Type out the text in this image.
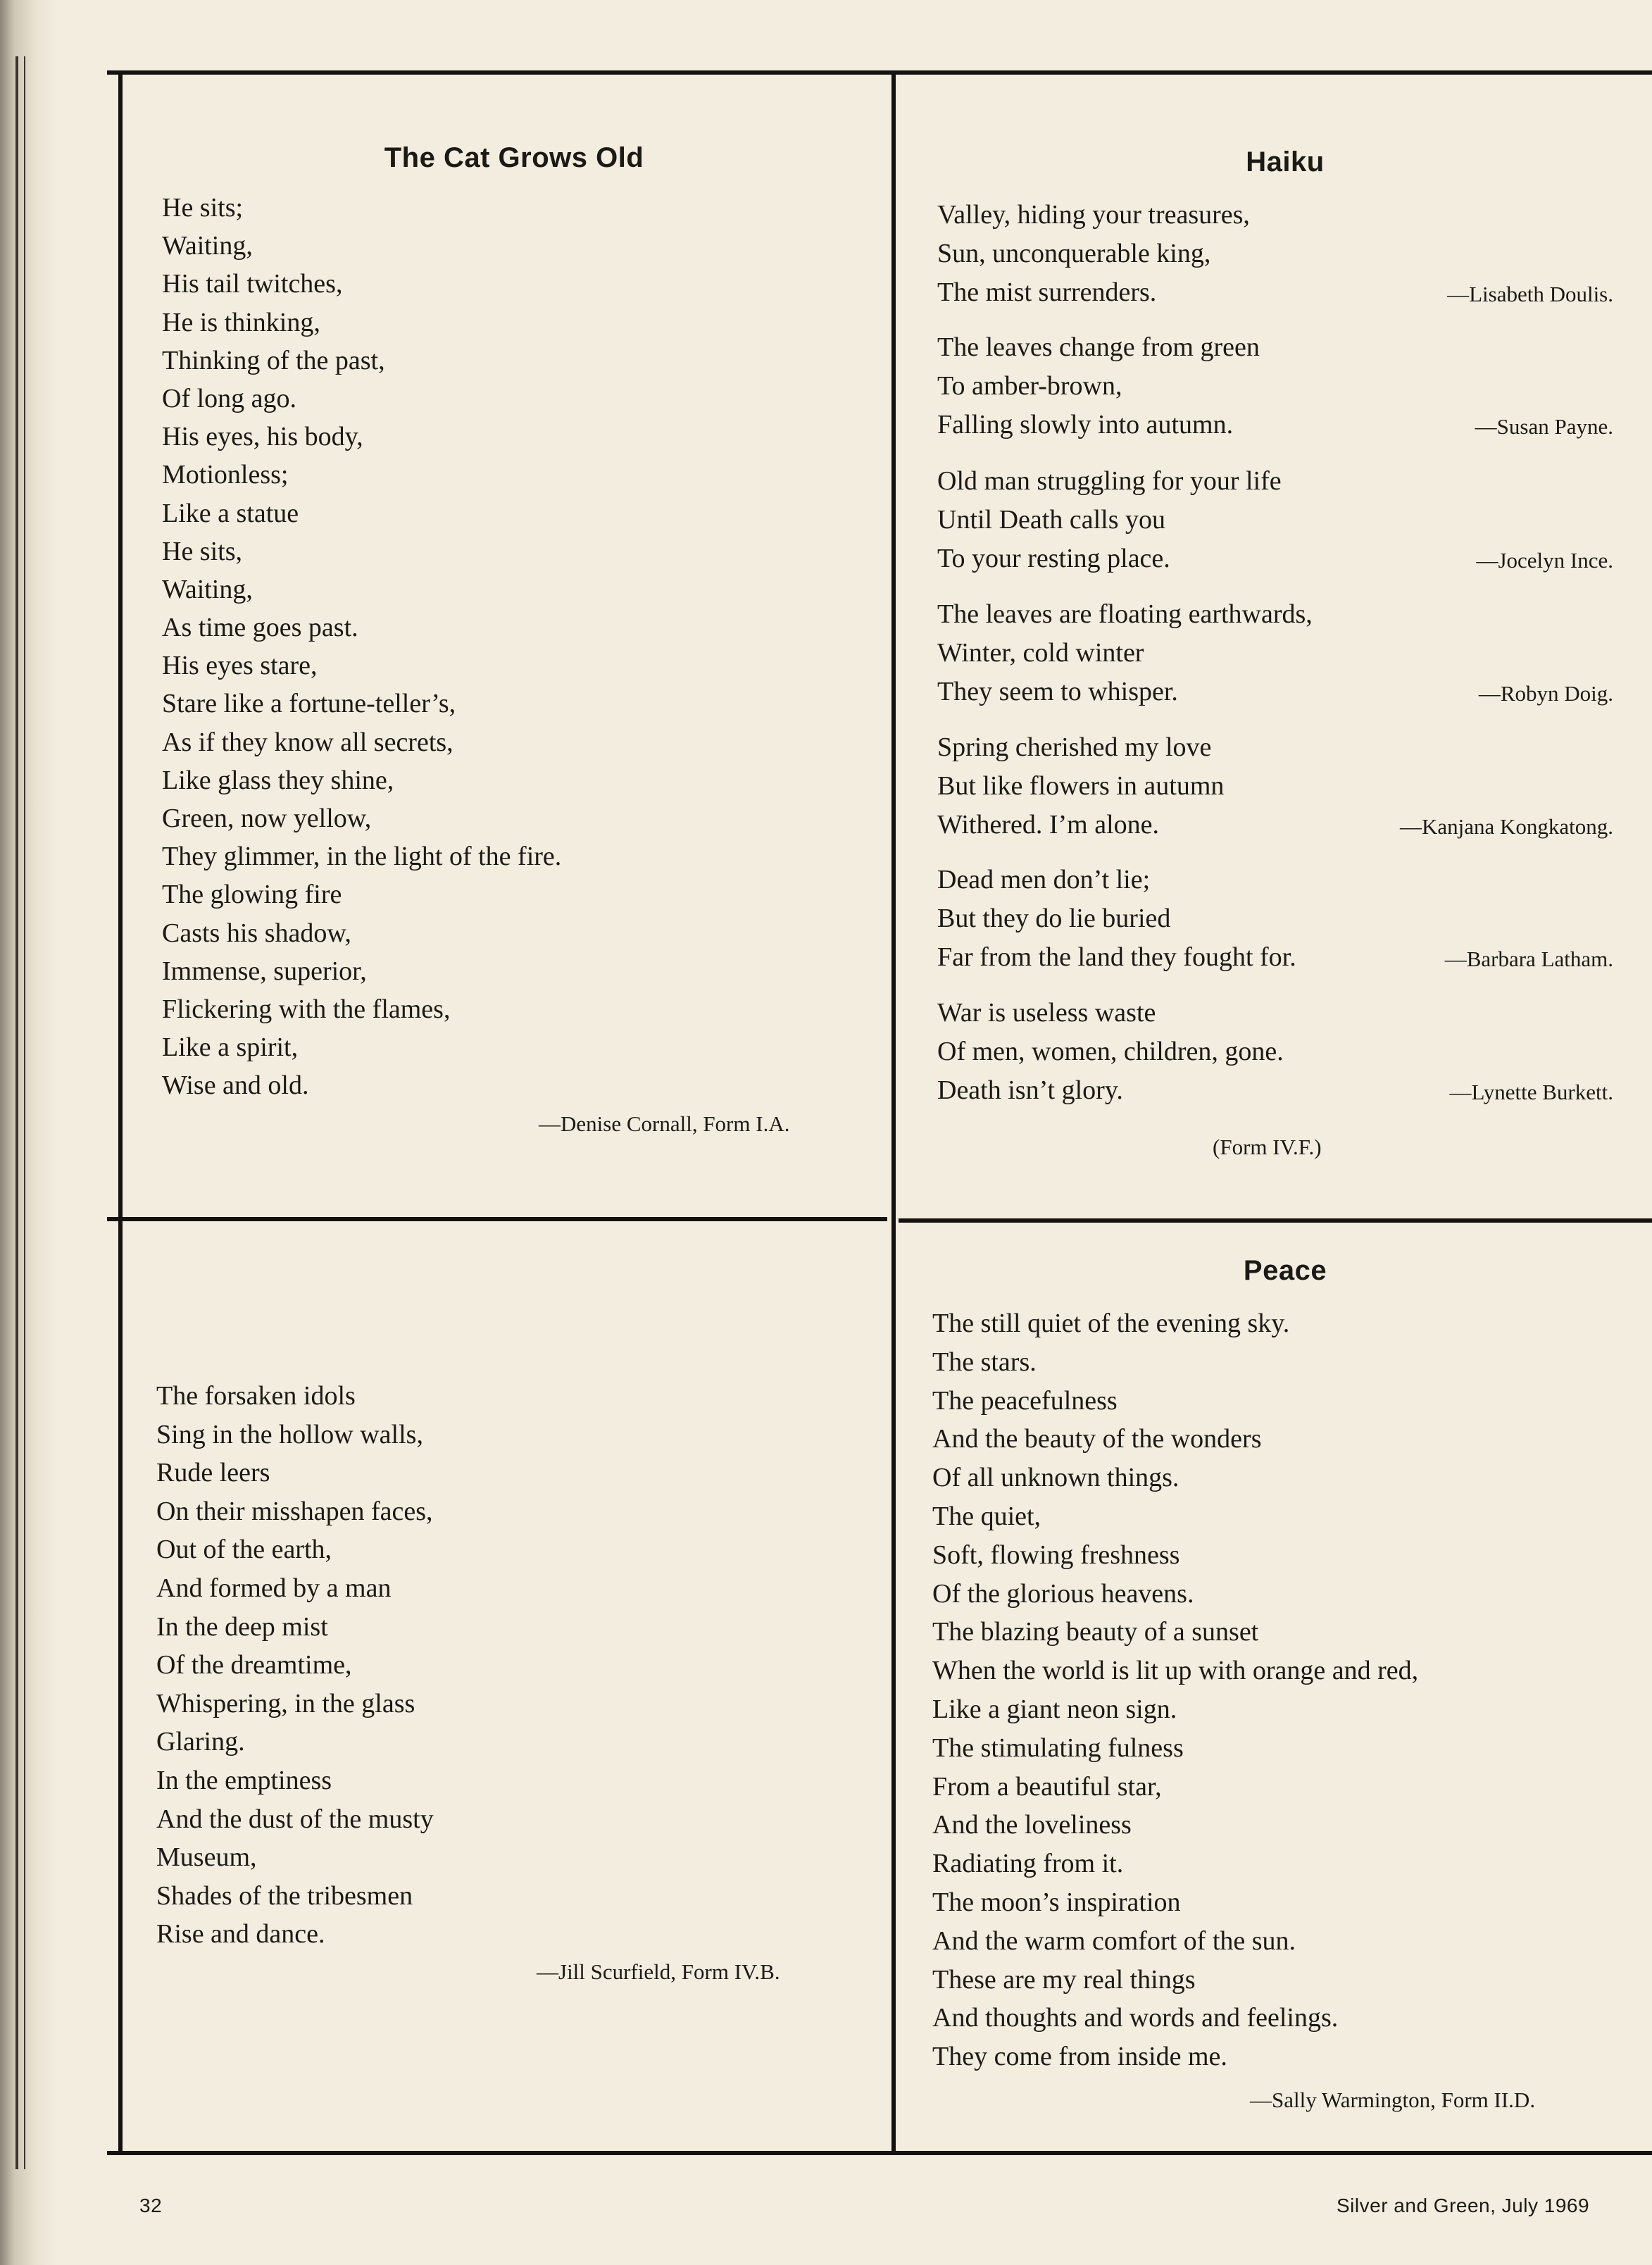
The Cat Grows Old
He sits;
Waiting,
His tail twitches,
He is thinking,
Thinking of the past,
Of long ago.
His eyes, his body,
Motionless;
Like a statue
He sits,
Waiting,
As time goes past.
His eyes stare,
Stare like a fortune-teller’s,
As if they know all secrets,
Like glass they shine,
Green, now yellow,
They glimmer, in the light of the fire.
The glowing fire
Casts his shadow,
Immense, superior,
Flickering with the flames,
Like a spirit,
Wise and old.

—Denise Cornall, Form I.A.

Haiku
Valley, hiding your treasures,
Sun, unconquerable king,
The mist surrenders.	—Lisabeth Doulis.
The leaves change from green
To amber-brown,
Falling slowly into autumn.	—Susan Payne.
Old man struggling for your life
Until Death calls you
To your resting place.	—Jocelyn Ince.
The leaves are floating earthwards,
Winter, cold winter
They seem to whisper.	—Robyn Doig.
Spring cherished my love
But like flowers in autumn
Withered. I’m alone.	—Kanjana Kongkatong.
Dead men don’t lie;
But they do lie buried
Far from the land they fought for.	—Barbara Latham.
War is useless waste
Of men, women, children, gone.
Death isn’t glory.	—Lynette Burkett.

(Form IV.F.)

The forsaken idols
Sing in the hollow walls,
Rude leers
On their misshapen faces,
Out of the earth,
And formed by a man
In the deep mist
Of the dreamtime,
Whispering, in the glass
Glaring.
In the emptiness
And the dust of the musty
Museum,
Shades of the tribesmen
Rise and dance.

—Jill Scurfield, Form IV.B.

Peace
The still quiet of the evening sky.
The stars.
The peacefulness
And the beauty of the wonders
Of all unknown things.
The quiet,
Soft, flowing freshness
Of the glorious heavens.
The blazing beauty of a sunset
When the world is lit up with orange and red,
Like a giant neon sign.
The stimulating fulness
From a beautiful star,
And the loveliness
Radiating from it.
The moon’s inspiration
And the warm comfort of the sun.
These are my real things
And thoughts and words and feelings.
They come from inside me.

—Sally Warmington, Form II.D.

32	Silver and Green, July 1969
